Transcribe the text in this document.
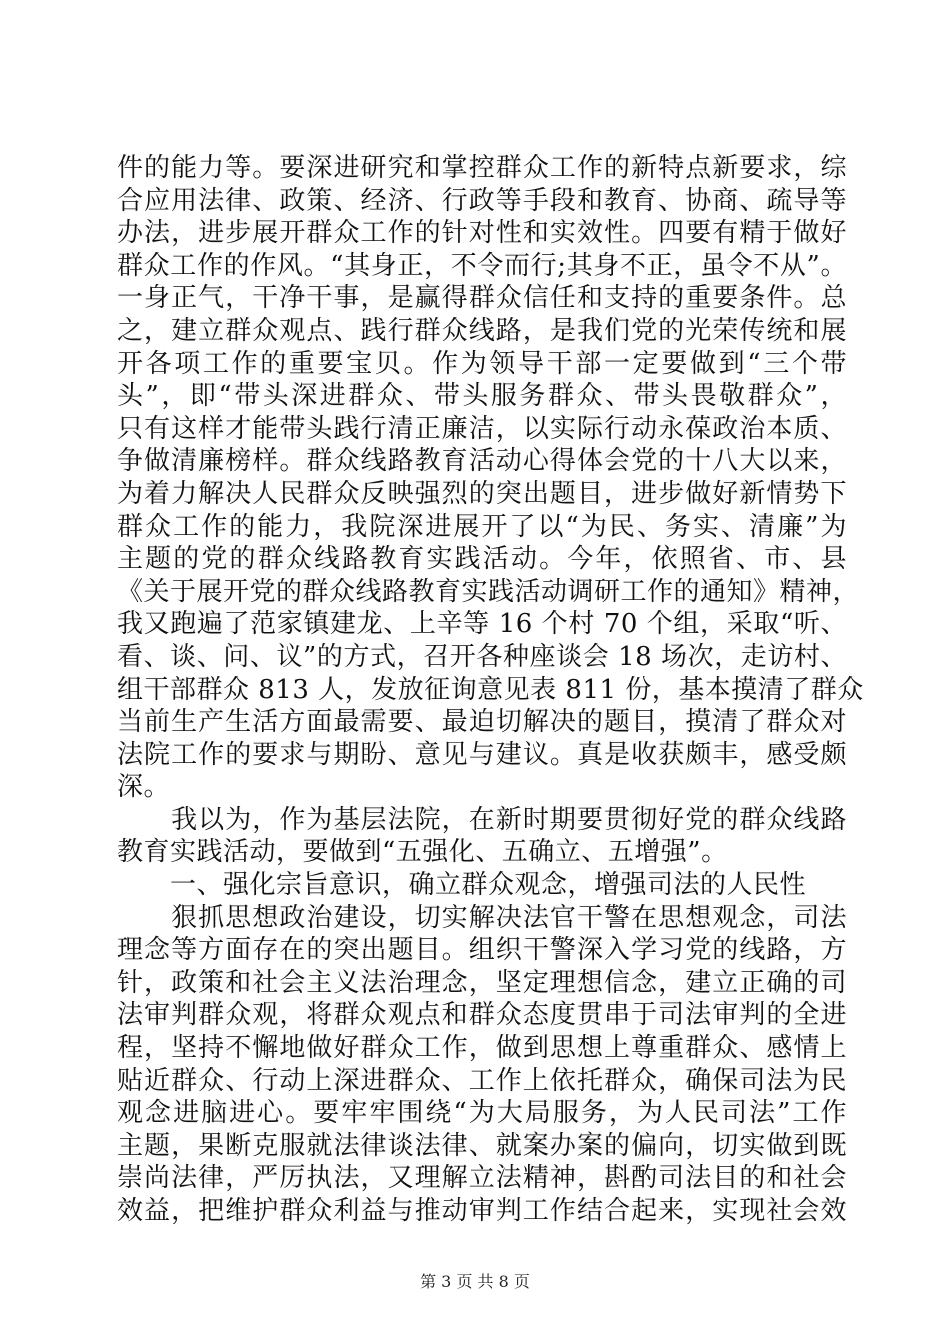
件的能力等。要深进研究和掌控群众工作的新特点新要求，综
合应用法律、政策、经济、行政等手段和教育、协商、疏导等
办法，进步展开群众工作的针对性和实效性。四要有精于做好
群众工作的作风。“其身正，不令而行;其身不正，虽令不从”。
一身正气，干净干事，是赢得群众信任和支持的重要条件。总
之，建立群众观点、践行群众线路，是我们党的光荣传统和展
开各项工作的重要宝贝。作为领导干部一定要做到“三个带
头”，即“带头深进群众、带头服务群众、带头畏敬群众”，
只有这样才能带头践行清正廉洁，以实际行动永葆政治本质、
争做清廉榜样。群众线路教育活动心得体会党的十八大以来，
为着力解决人民群众反映强烈的突出题目，进步做好新情势下
群众工作的能力，我院深进展开了以“为民、务实、清廉”为
主题的党的群众线路教育实践活动。今年，依照省、市、县
《关于展开党的群众线路教育实践活动调研工作的通知》精神，
我又跑遍了范家镇建龙、上辛等 16 个村 70 个组，采取“听、
看、谈、问、议”的方式，召开各种座谈会 18 场次，走访村、
组干部群众 813 人，发放征询意见表 811 份，基本摸清了群众
当前生产生活方面最需要、最迫切解决的题目，摸清了群众对
法院工作的要求与期盼、意见与建议。真是收获颇丰，感受颇
深。
　　我以为，作为基层法院，在新时期要贯彻好党的群众线路
教育实践活动，要做到“五强化、五确立、五增强”。
　　一、强化宗旨意识，确立群众观念，增强司法的人民性
　　狠抓思想政治建设，切实解决法官干警在思想观念，司法
理念等方面存在的突出题目。组织干警深入学习党的线路，方
针，政策和社会主义法治理念，坚定理想信念，建立正确的司
法审判群众观，将群众观点和群众态度贯串于司法审判的全进
程，坚持不懈地做好群众工作，做到思想上尊重群众、感情上
贴近群众、行动上深进群众、工作上依托群众，确保司法为民
观念进脑进心。要牢牢围绕“为大局服务，为人民司法”工作
主题，果断克服就法律谈法律、就案办案的偏向，切实做到既
崇尚法律，严厉执法，又理解立法精神，斟酌司法目的和社会
效益，把维护群众利益与推动审判工作结合起来，实现社会效
第 3 页 共 8 页
